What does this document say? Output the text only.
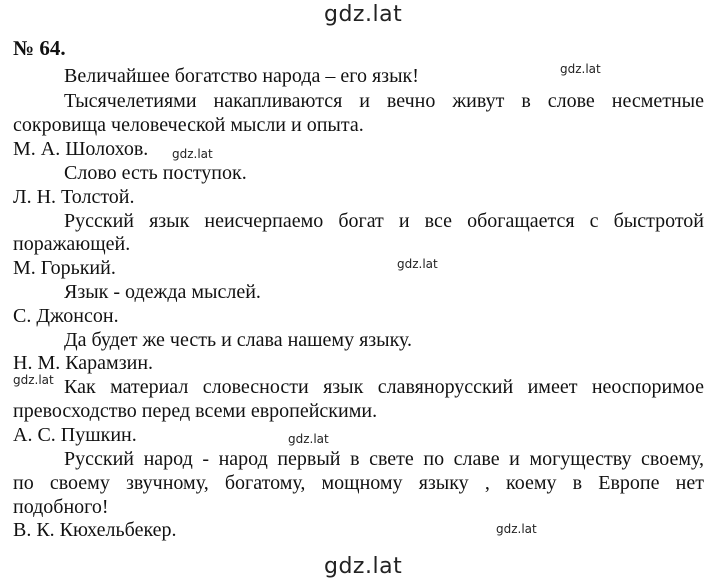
gdz.lat
№ 64.
gdz.lat
Величайшее богатство народа – его язык!
Тысячелетиями накапливаются и вечно живут в слове несметные
сокровища человеческой мысли и опыта.
М. А. Шолохов. gdz.lat
Слово есть поступок.
Л. Н. Толстой.
Русский язык неисчерпаемо богат и все обогащается с быстротой
поражающей.
М. Горький.	gdz.lat
Язык - одежда мыслей.
С. Джонсон.
Да будет же честь и слава нашему языку.
Н. М. Карамзин.
gdz.lat Как материал словесности язык славянорусский имеет неоспоримое
превосходство перед всеми европейскими.
А. С. Пушкин.	gdz.lat
Русский народ - народ первый в свете по славе и могуществу своему,
по своему звучному, богатому, мощному языку , коему в Европе нет
подобного!
В. К. Кюхельбекер.	gdz.lat
gdz.lat
